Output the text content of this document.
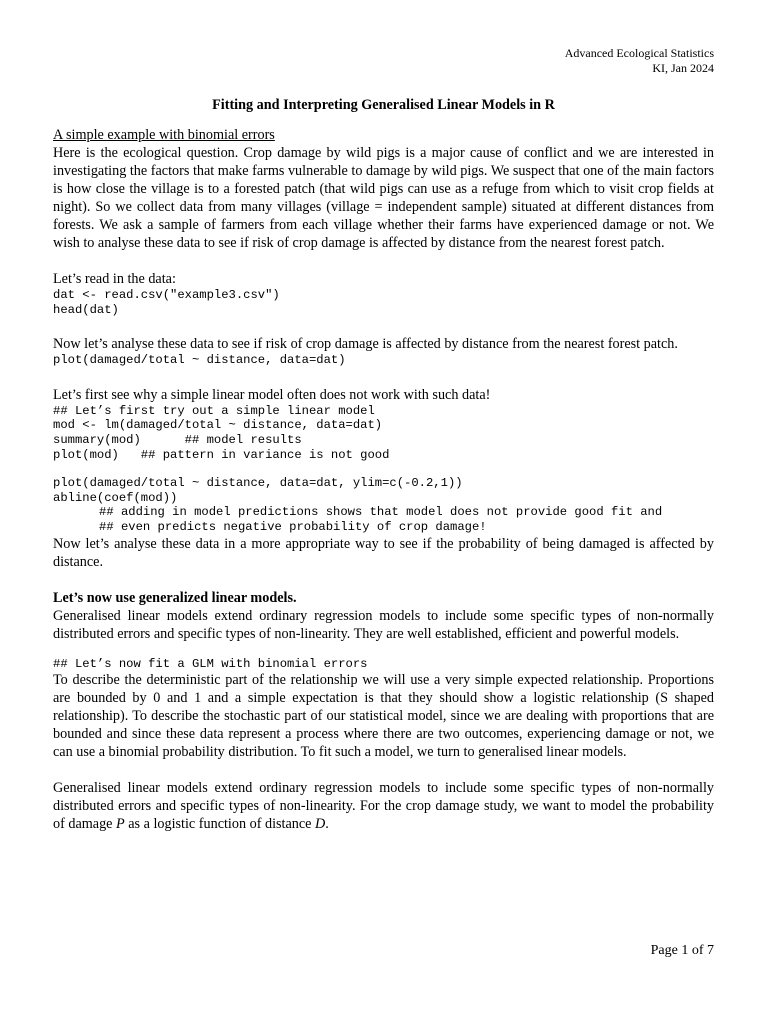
Advanced Ecological Statistics
KI, Jan 2024
Fitting and Interpreting Generalised Linear Models in R
A simple example with binomial errors

Here is the ecological question. Crop damage by wild pigs is a major cause of conflict and we are interested in investigating the factors that make farms vulnerable to damage by wild pigs. We suspect that one of the main factors is how close the village is to a forested patch (that wild pigs can use as a refuge from which to visit crop fields at night). So we collect data from many villages (village = independent sample) situated at different distances from forests. We ask a sample of farmers from each village whether their farms have experienced damage or not. We wish to analyse these data to see if risk of crop damage is affected by distance from the nearest forest patch.

Let’s read in the data:
dat <- read.csv("example3.csv")
head(dat)

Now let’s analyse these data to see if risk of crop damage is affected by distance from the nearest forest patch.

plot(damaged/total ~ distance, data=dat)
Let’s first see why a simple linear model often does not work with such data!
## Let’s first try out a simple linear model
mod <- lm(damaged/total ~ distance, data=dat)
summary(mod)      ## model results
plot(mod)   ## pattern in variance is not good
plot(damaged/total ~ distance, data=dat, ylim=c(-0.2,1))
abline(coef(mod))
## adding in model predictions shows that model does not provide good fit and
## even predicts negative probability of crop damage!

Now let’s analyse these data in a more appropriate way to see if the probability of being damaged is affected by distance.

Let’s now use generalized linear models.

Generalised linear models extend ordinary regression models to include some specific types of non-normally distributed errors and specific types of non-linearity. They are well established, efficient and powerful models.

## Let’s now fit a GLM with binomial errors

To describe the deterministic part of the relationship we will use a very simple expected relationship. Proportions are bounded by 0 and 1 and a simple expectation is that they should show a logistic relationship (S shaped relationship). To describe the stochastic part of our statistical model, since we are dealing with proportions that are bounded and since these data represent a process where there are two outcomes, experiencing damage or not, we can use a binomial probability distribution. To fit such a model, we turn to generalised linear models.

Generalised linear models extend ordinary regression models to include some specific types of non-normally distributed errors and specific types of non-linearity. For the crop damage study, we want to model the probability of damage P as a logistic function of distance D.

Page 1 of 7
